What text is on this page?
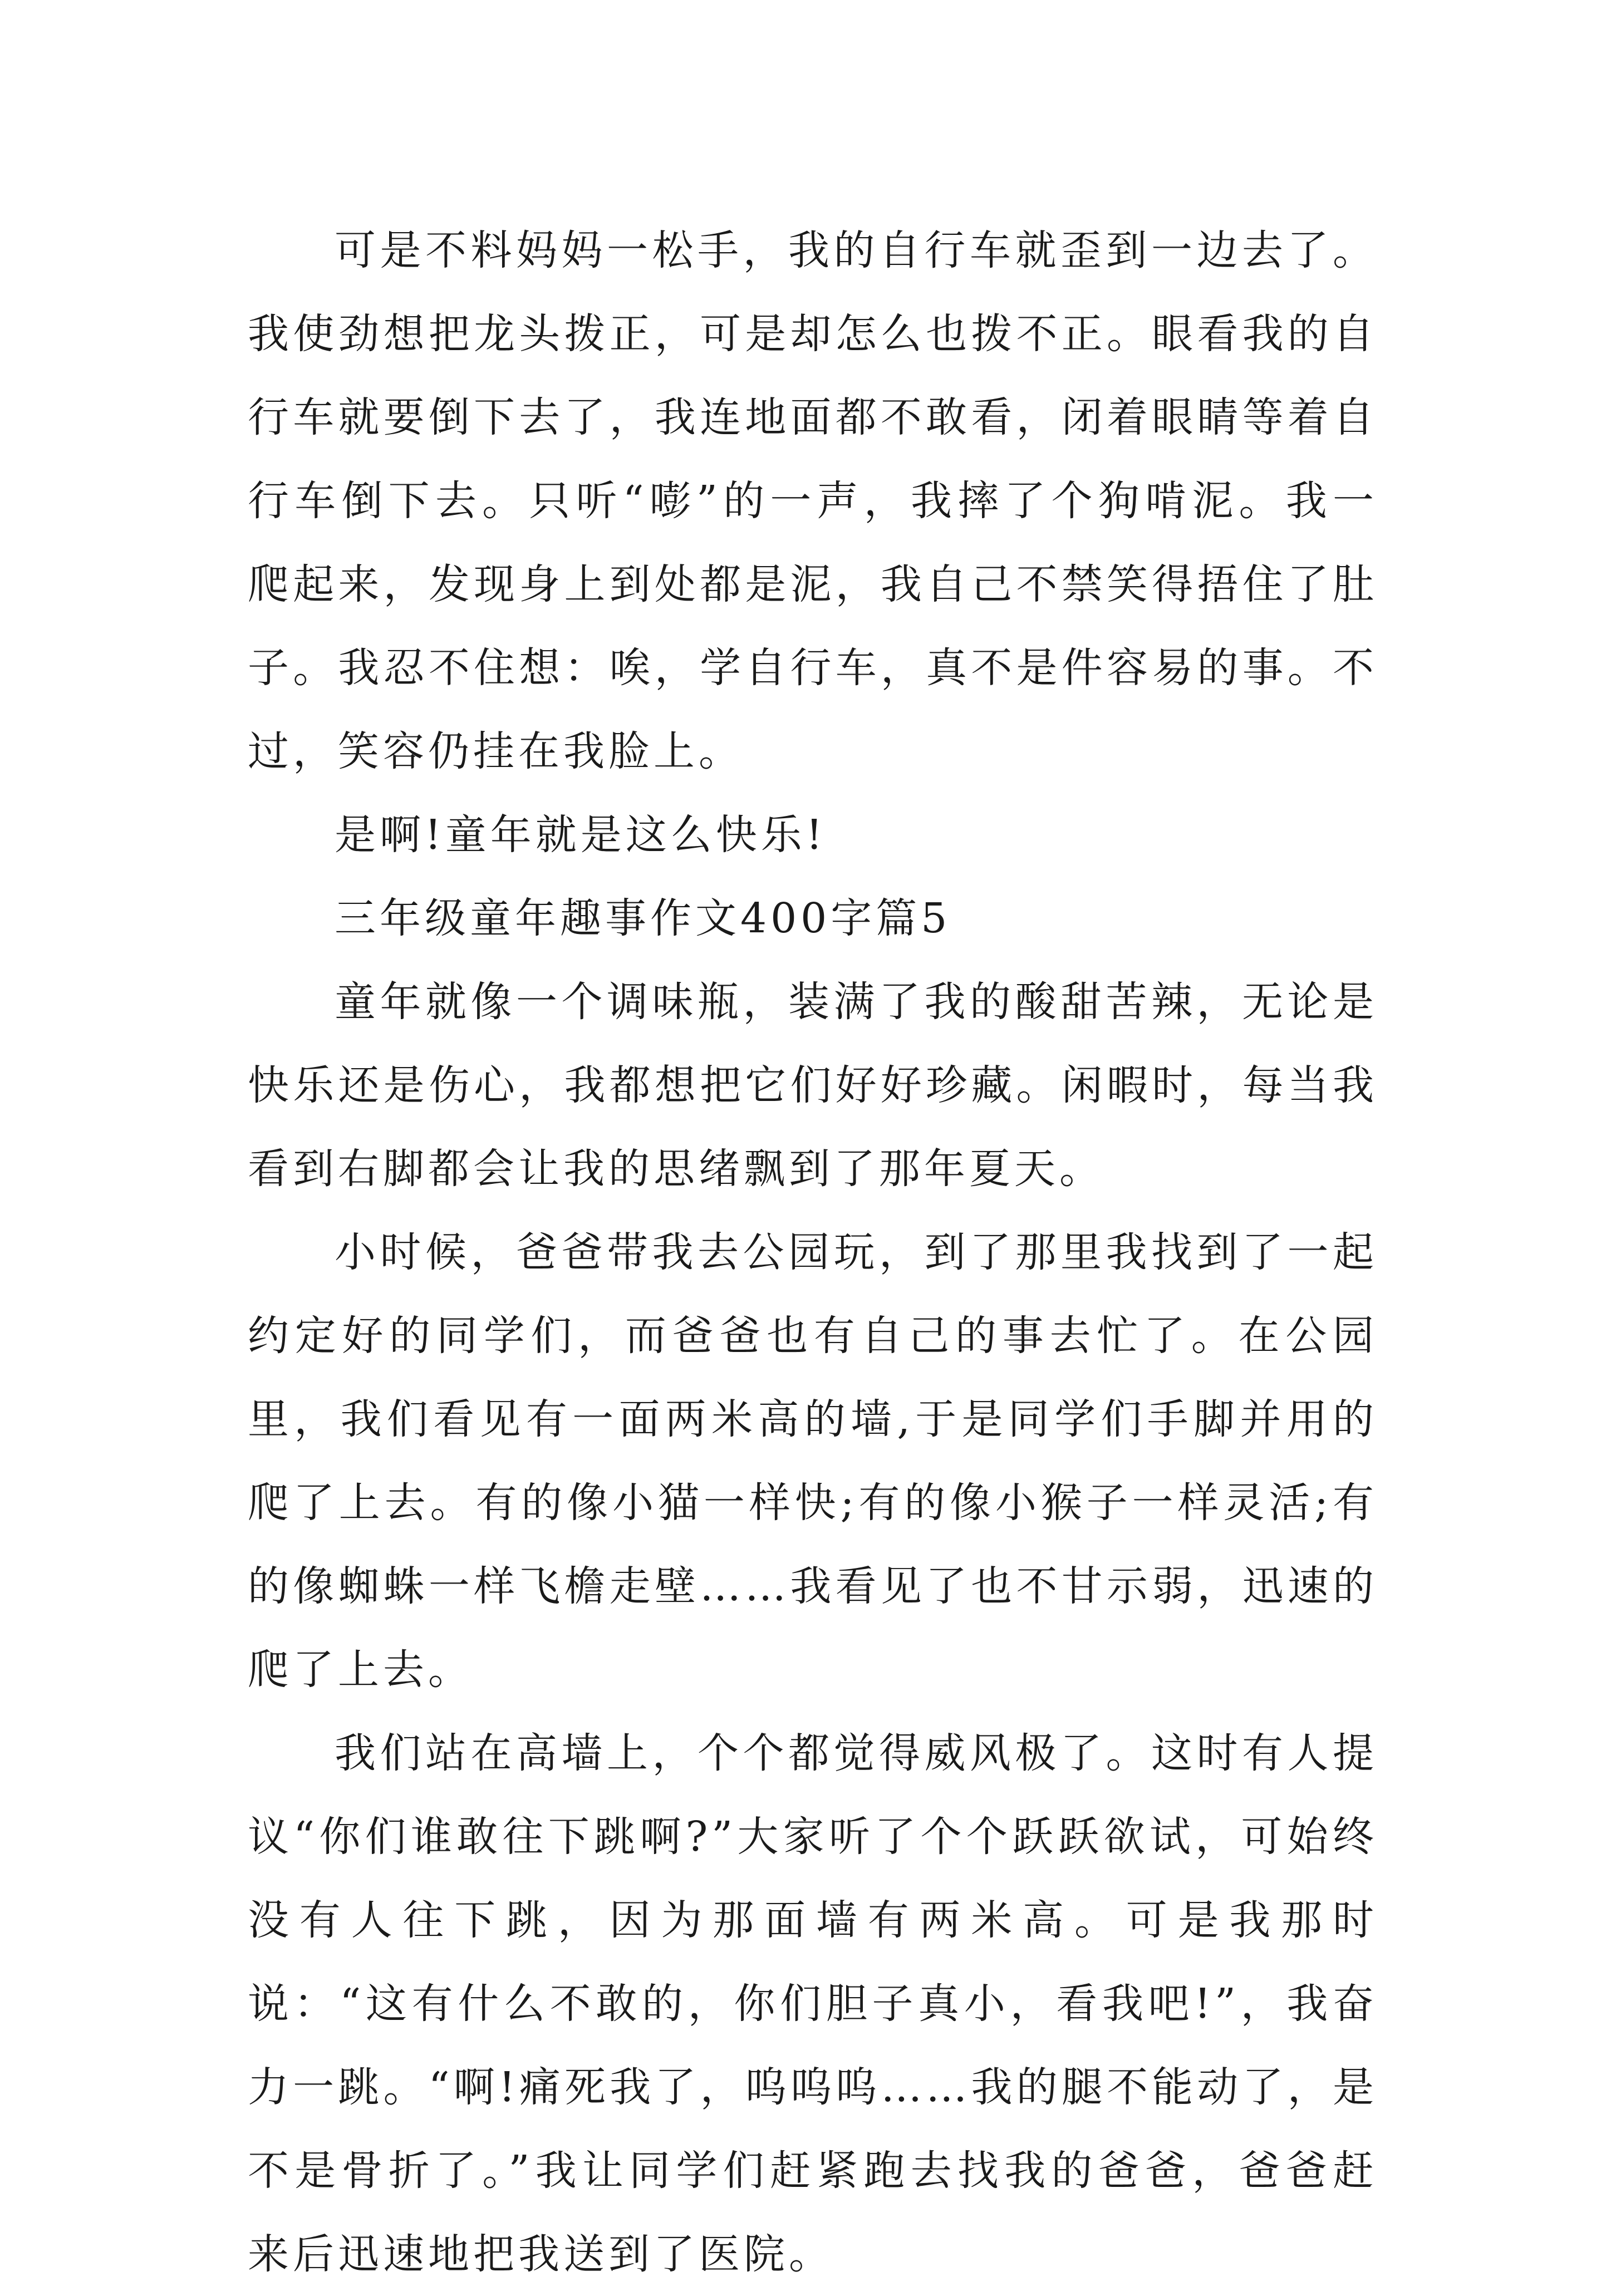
可是不料妈妈一松手，我的自行车就歪到一边去了。我使劲想把龙头拨正，可是却怎么也拨不正。眼看我的自行车就要倒下去了，我连地面都不敢看，闭着眼睛等着自行车倒下去。只听“嘭”的一声，我摔了个狗啃泥。我一爬起来，发现身上到处都是泥，我自己不禁笑得捂住了肚子。我忍不住想：唉，学自行车，真不是件容易的事。不过，笑容仍挂在我脸上。

是啊!童年就是这么快乐!

三年级童年趣事作文400字篇5

童年就像一个调味瓶，装满了我的酸甜苦辣，无论是快乐还是伤心，我都想把它们好好珍藏。闲暇时，每当我看到右脚都会让我的思绪飘到了那年夏天。

小时候，爸爸带我去公园玩，到了那里我找到了一起约定好的同学们，而爸爸也有自己的事去忙了。在公园里，我们看见有一面两米高的墙,于是同学们手脚并用的爬了上去。有的像小猫一样快;有的像小猴子一样灵活;有的像蜘蛛一样飞檐走壁……我看见了也不甘示弱，迅速的爬了上去。

我们站在高墙上，个个都觉得威风极了。这时有人提议“你们谁敢往下跳啊?”大家听了个个跃跃欲试，可始终没有人往下跳，因为那面墙有两米高。可是我那时说：“这有什么不敢的，你们胆子真小，看我吧!”，我奋力一跳。“啊!痛死我了，呜呜呜……我的腿不能动了，是不是骨折了。”我让同学们赶紧跑去找我的爸爸，爸爸赶来后迅速地把我送到了医院。
